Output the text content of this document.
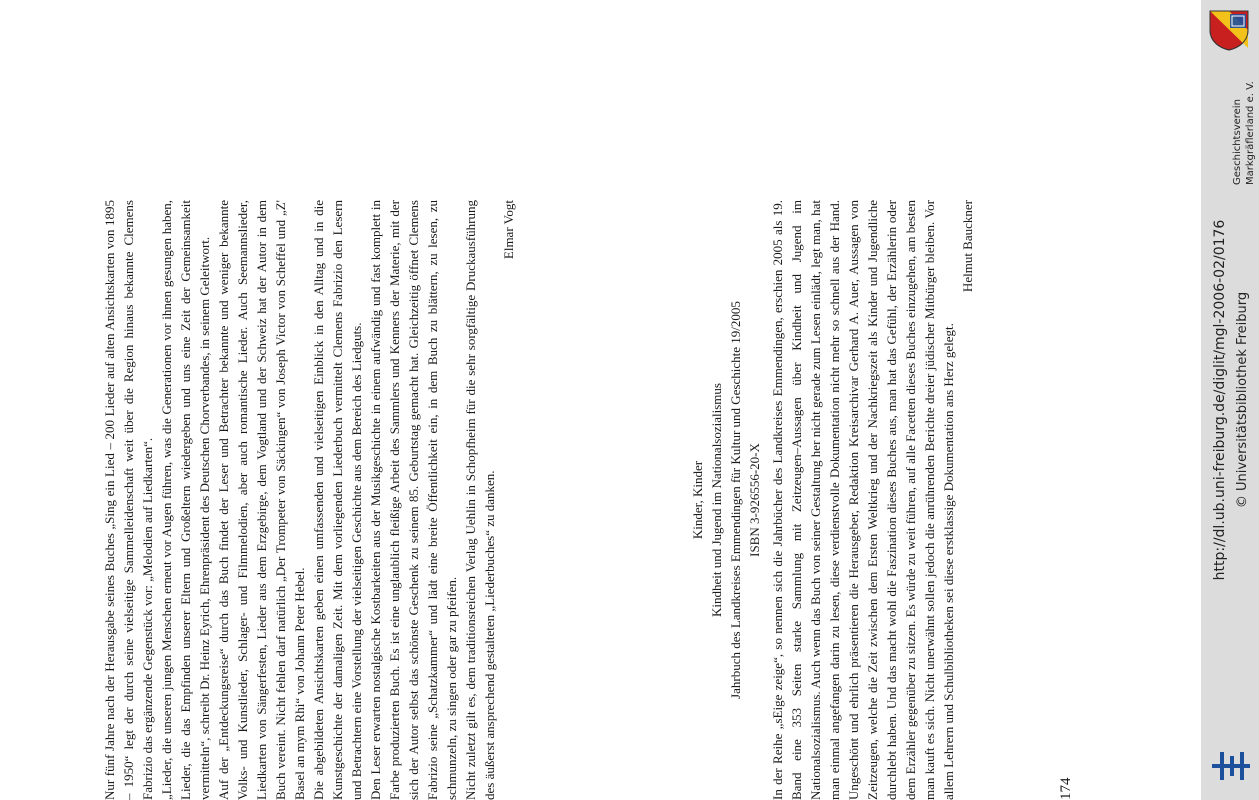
Nur fünf Jahre nach der Herausgabe seines Buches „Sing ein Lied – 200 Lieder auf alten Ansichtskarten von 1895 – 1950“ legt der durch seine vielseitige Sammelleidenschaft weit über die Region hinaus bekannte Clemens Fabrizio das ergänzende Gegenstück vor: „Melodien auf Liedkarten“. „Lieder, die unseren jungen Menschen erneut vor Augen führen, was die Generationen vor ihnen gesungen haben, Lieder, die das Empfinden unserer Eltern und Großeltern wiedergeben und uns eine Zeit der Gemeinsamkeit vermitteln“, schreibt Dr. Heinz Eyrich, Ehrenpräsident des Deutschen Chorverbandes, in seinem Geleitwort. Auf der „Entdeckungsreise“ durch das Buch findet der Leser und Betrachter bekannte und weniger bekannte Volks- und Kunstlieder, Schlager- und Filmmelodien, aber auch romantische Lieder. Auch Seemannslieder, Liedkarten von Sängerfesten, Lieder aus dem Erzgebirge, dem Vogtland und der Schweiz hat der Autor in dem Buch vereint. Nicht fehlen darf natürlich „Der Trompeter von Säckingen“ von Joseph Victor von Scheffel und „Z' Basel an mym Rhi“ von Johann Peter Hebel. Die abgebildeten Ansichtskarten geben einen umfassenden und vielseitigen Einblick in den Alltag und in die Kunstgeschichte der damaligen Zeit. Mit dem vorliegenden Liederbuch vermittelt Clemens Fabrizio den Lesern und Betrachtern eine Vorstellung der vielseitigen Geschichte aus dem Bereich des Liedguts. Den Leser erwarten nostalgische Kostbarkeiten aus der Musikgeschichte in einem aufwändig und fast komplett in Farbe produzierten Buch. Es ist eine unglaublich fleißige Arbeit des Sammlers und Kenners der Materie, mit der sich der Autor selbst das schönste Geschenk zu seinem 85. Geburtstag gemacht hat. Gleichzeitig öffnet Clemens Fabrizio seine „Schatzkammer“ und lädt eine breite Öffentlichkeit ein, in dem Buch zu blättern, zu lesen, zu schmunzeln, zu singen oder gar zu pfeifen. Nicht zuletzt gilt es, dem traditionsreichen Verlag Uehlin in Schopfheim für die sehr sorgfältige Druckausführung des äußerst ansprechend gestalteten „Liederbuches“ zu danken.

Elmar Vogt

Kinder, Kinder Kindheit und Jugend im Nationalsozialismus Jahrbuch des Landkreises Emmendingen für Kultur und Geschichte 19/2005 ISBN 3-926556-20-X In der Reihe „sEige zeige“, so nennen sich die Jahrbücher des Landkreises Emmendingen, erschien 2005 als 19. Band eine 353 Seiten starke Sammlung mit Zeitzeugen–Aussagen über Kindheit und Jugend im Nationalsozialismus. Auch wenn das Buch von seiner Gestaltung her nicht gerade zum Lesen einlädt, legt man, hat man einmal angefangen darin zu lesen, diese verdienstvolle Dokumentation nicht mehr so schnell aus der Hand. Ungeschönt und ehrlich präsentieren die Herausgeber, Redaktion Kreisarchivar Gerhard A. Auer, Aussagen von Zeitzeugen, welche die Zeit zwischen dem Ersten Weltkrieg und der Nachkriegszeit als Kinder und Jugendliche durchlebt haben. Und das macht wohl die Faszination dieses Buches aus, man hat das Gefühl, der Erzählerin oder dem Erzähler gegenüber zu sitzen. Es würde zu weit führen, auf alle Facetten dieses Buches einzugehen, am besten man kauft es sich. Nicht unerwähnt sollen jedoch die anrührenden Berichte dreier jüdischer Mitbürger bleiben. Vor allem Lehrern und Schulbibliotheken sei diese erstklassige Dokumentation ans Herz gelegt.

Helmut Bauckner

174
Geschichtsverein Markgräflerland e. V.
http://dl.ub.uni-freiburg.de/diglit/mgl-2006-02/0176 © Universitätsbibliothek Freiburg
